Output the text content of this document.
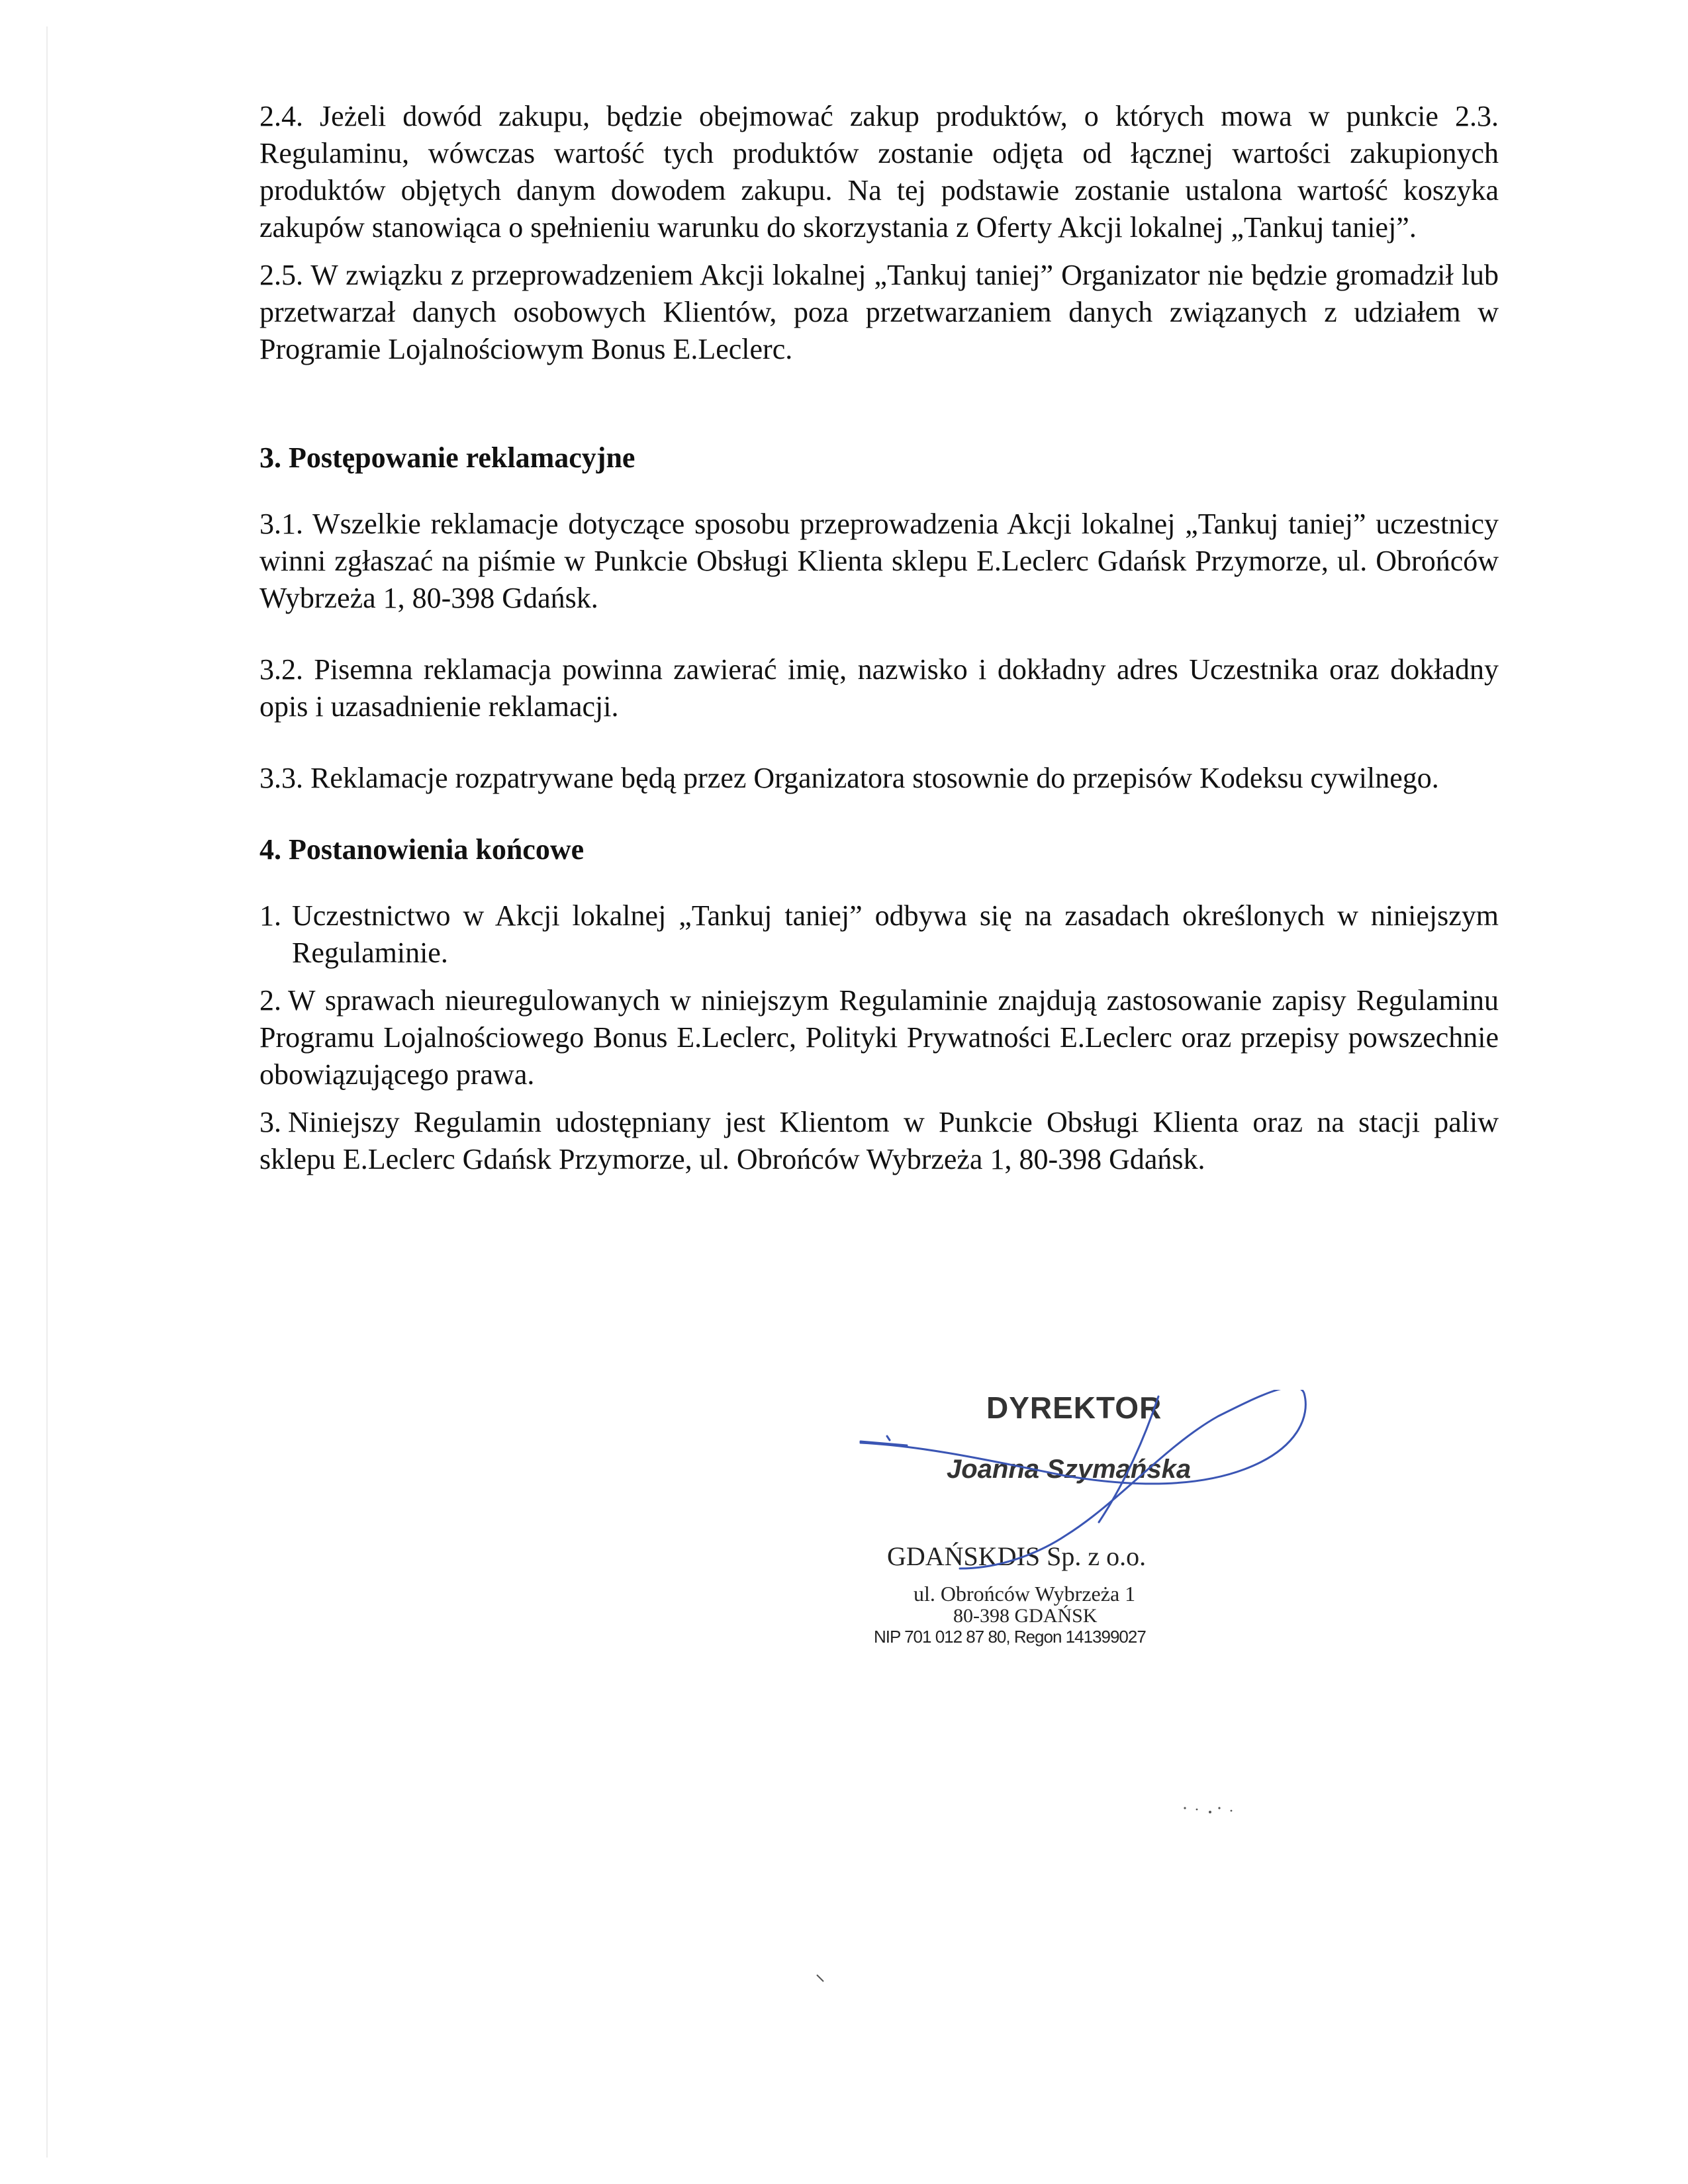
2.4. Jeżeli dowód zakupu, będzie obejmować zakup produktów, o których mowa w punkcie 2.3. Regulaminu, wówczas wartość tych produktów zostanie odjęta od łącznej wartości zakupionych produktów objętych danym dowodem zakupu. Na tej podstawie zostanie ustalona wartość koszyka zakupów stanowiąca o spełnieniu warunku do skorzystania z Oferty Akcji lokalnej „Tankuj taniej”.

2.5. W związku z przeprowadzeniem Akcji lokalnej „Tankuj taniej” Organizator nie będzie gromadził lub przetwarzał danych osobowych Klientów, poza przetwarzaniem danych związanych z udziałem w Programie Lojalnościowym Bonus E.Leclerc.

3. Postępowanie reklamacyjne

3.1. Wszelkie reklamacje dotyczące sposobu przeprowadzenia Akcji lokalnej „Tankuj taniej” uczestnicy winni zgłaszać na piśmie w Punkcie Obsługi Klienta sklepu E.Leclerc Gdańsk Przymorze, ul. Obrońców Wybrzeża 1, 80-398 Gdańsk.

3.2. Pisemna reklamacja powinna zawierać imię, nazwisko i dokładny adres Uczestnika oraz dokładny opis i uzasadnienie reklamacji.

3.3. Reklamacje rozpatrywane będą przez Organizatora stosownie do przepisów Kodeksu cywilnego.

4. Postanowienia końcowe

1. Uczestnictwo w Akcji lokalnej „Tankuj taniej” odbywa się na zasadach określonych w niniejszym Regulaminie.
2. W sprawach nieuregulowanych w niniejszym Regulaminie znajdują zastosowanie zapisy Regulaminu Programu Lojalnościowego Bonus E.Leclerc, Polityki Prywatności E.Leclerc oraz przepisy powszechnie obowiązującego prawa.
3. Niniejszy Regulamin udostępniany jest Klientom w Punkcie Obsługi Klienta oraz na stacji paliw sklepu E.Leclerc Gdańsk Przymorze, ul. Obrońców Wybrzeża 1, 80-398 Gdańsk.
DYREKTOR
Joanna Szymańska
GDAŃSKDIS Sp. z o.o.
ul. Obrońców Wybrzeża 1
80-398 GDAŃSK
NIP 701 012 87 80, Regon 141399027
